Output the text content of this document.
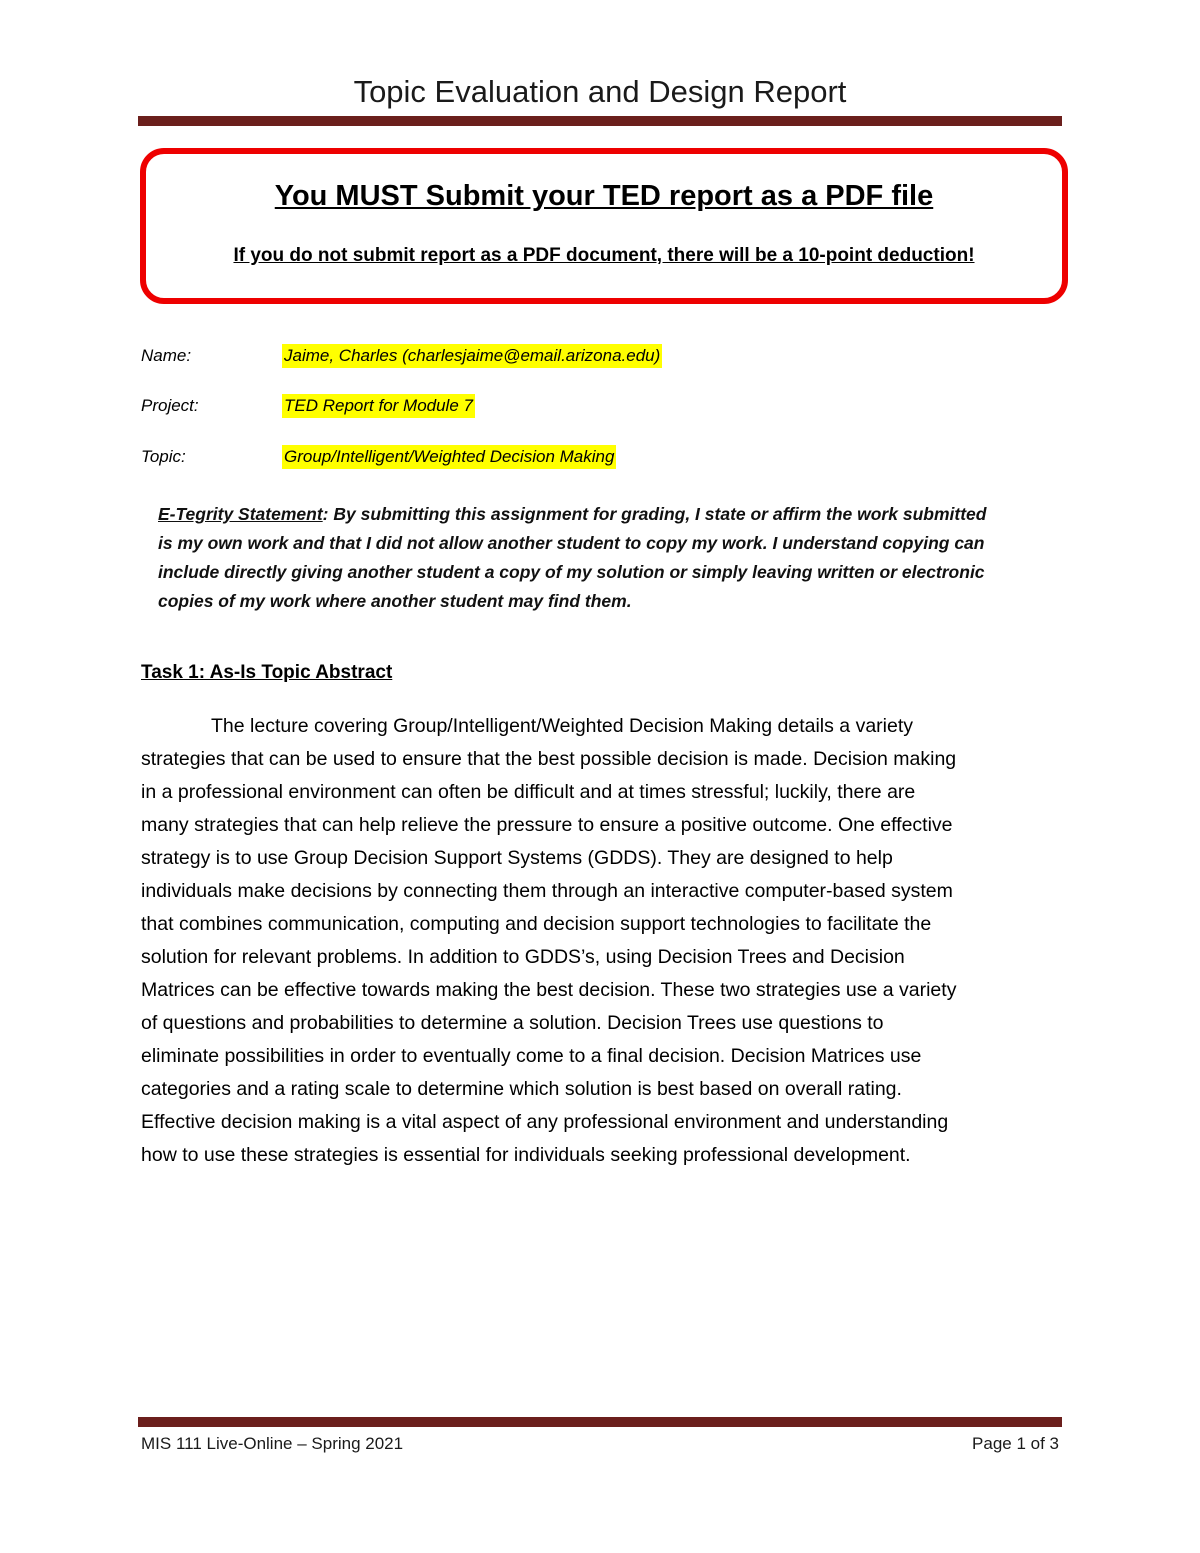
Topic Evaluation and Design Report
You MUST Submit your TED report as a PDF file
If you do not submit report as a PDF document, there will be a 10-point deduction!
Name:	Jaime, Charles (charlesjaime@email.arizona.edu)
Project:	TED Report for Module 7
Topic:	Group/Intelligent/Weighted Decision Making
E-Tegrity Statement: By submitting this assignment for grading, I state or affirm the work submitted
is my own work and that I did not allow another student to copy my work. I understand copying can
include directly giving another student a copy of my solution or simply leaving written or electronic
copies of my work where another student may find them.
Task 1: As-Is Topic Abstract
The lecture covering Group/Intelligent/Weighted Decision Making details a variety
strategies that can be used to ensure that the best possible decision is made. Decision making
in a professional environment can often be difficult and at times stressful; luckily, there are
many strategies that can help relieve the pressure to ensure a positive outcome. One effective
strategy is to use Group Decision Support Systems (GDDS). They are designed to help
individuals make decisions by connecting them through an interactive computer-based system
that combines communication, computing and decision support technologies to facilitate the
solution for relevant problems. In addition to GDDS’s, using Decision Trees and Decision
Matrices can be effective towards making the best decision. These two strategies use a variety
of questions and probabilities to determine a solution. Decision Trees use questions to
eliminate possibilities in order to eventually come to a final decision. Decision Matrices use
categories and a rating scale to determine which solution is best based on overall rating.
Effective decision making is a vital aspect of any professional environment and understanding
how to use these strategies is essential for individuals seeking professional development.
MIS 111 Live-Online – Spring 2021	Page 1 of 3
